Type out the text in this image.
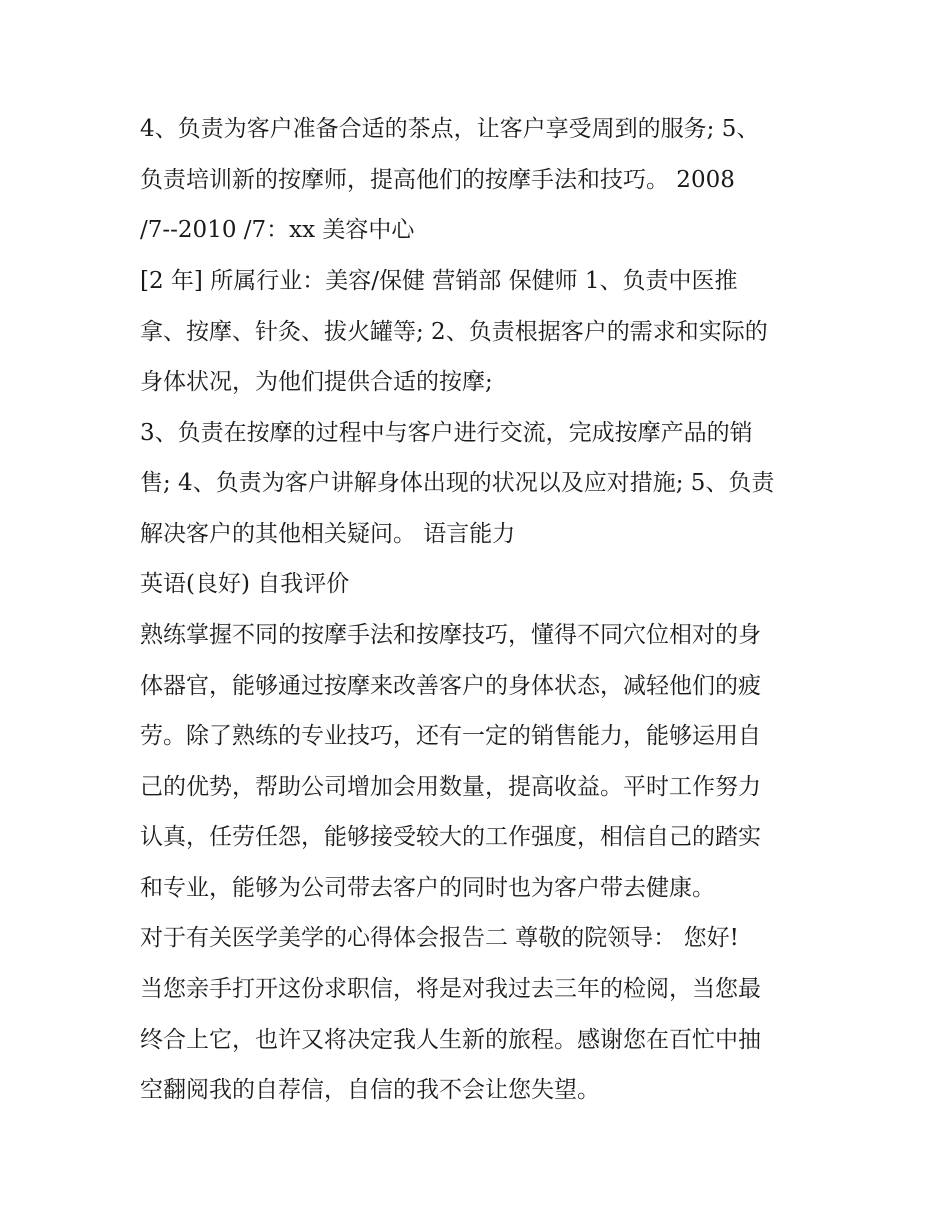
4、负责为客户准备合适的茶点，让客户享受周到的服务; 5、
负责培训新的按摩师，提高他们的按摩手法和技巧。 2008
/7--2010 /7：xx 美容中心
[2 年] 所属行业：美容/保健 营销部 保健师 1、负责中医推
拿、按摩、针灸、拔火罐等; 2、负责根据客户的需求和实际的
身体状况，为他们提供合适的按摩;
3、负责在按摩的过程中与客户进行交流，完成按摩产品的销
售; 4、负责为客户讲解身体出现的状况以及应对措施; 5、负责
解决客户的其他相关疑问。 语言能力
英语(良好) 自我评价
熟练掌握不同的按摩手法和按摩技巧，懂得不同穴位相对的身
体器官，能够通过按摩来改善客户的身体状态，减轻他们的疲
劳。除了熟练的专业技巧，还有一定的销售能力，能够运用自
己的优势，帮助公司增加会用数量，提高收益。平时工作努力
认真，任劳任怨，能够接受较大的工作强度，相信自己的踏实
和专业，能够为公司带去客户的同时也为客户带去健康。
对于有关医学美学的心得体会报告二 尊敬的院领导： 您好!
当您亲手打开这份求职信，将是对我过去三年的检阅，当您最
终合上它，也许又将决定我人生新的旅程。感谢您在百忙中抽
空翻阅我的自荐信，自信的我不会让您失望。
